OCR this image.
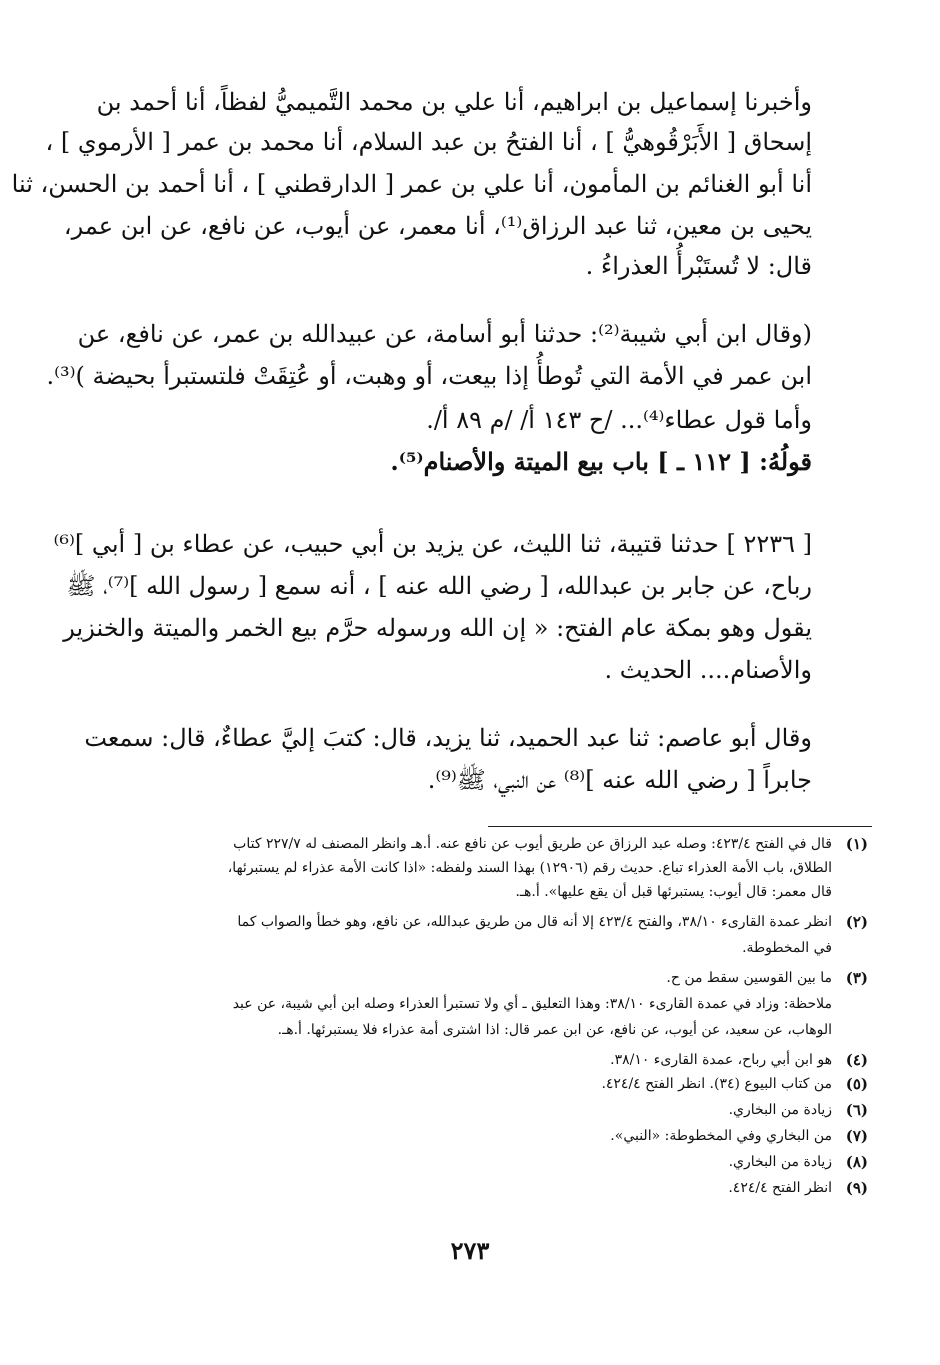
وأخبرنا إسماعيل بن ابراهيم، أنا علي بن محمد التَّميميُّ لفظاً، أنا أحمد بن
إسحاق [ الأَبَرْقُوهيُّ ] ، أنا الفتحُ بن عبد السلام، أنا محمد بن عمر [ الأرموي ] ،
أنا أبو الغنائم بن المأمون، أنا علي بن عمر [ الدارقطني ] ، أنا أحمد بن الحسن، ثنا
يحيى بن معين، ثنا عبد الرزاق⁽¹⁾، أنا معمر، عن أيوب، عن نافع، عن ابن عمر،
قال: لا تُستَبْرأُ العذراءُ .
(وقال ابن أبي شيبة⁽²⁾: حدثنا أبو أسامة، عن عبيدالله بن عمر، عن نافع، عن
ابن عمر في الأمة التي تُوطأُ إذا بيعت، أو وهبت، أو عُتِقَتْ فلتستبرأ بحيضة )⁽³⁾.
وأما قول عطاء⁽⁴⁾... /ح ١٤٣ أ/ /م ٨٩ أ/.
قولُهُ: [ ١١٢ ـ ] باب بيع الميتة والأصنام⁽⁵⁾.
[ ٢٢٣٦ ] حدثنا قتيبة، ثنا الليث، عن يزيد بن أبي حبيب، عن عطاء بن [ أبي ]⁽⁶⁾
رباح، عن جابر بن عبدالله، [ رضي الله عنه ] ، أنه سمع [ رسول الله ]⁽⁷⁾، ﷺ
يقول وهو بمكة عام الفتح: « إن الله ورسوله حرَّم بيع الخمر والميتة والخنزير
والأصنام.... الحديث .
وقال أبو عاصم: ثنا عبد الحميد، ثنا يزيد، قال: كتبَ إليَّ عطاءٌ، قال: سمعت
جابراً [ رضي الله عنه ]⁽⁸⁾ عن النبي، ﷺ⁽⁹⁾.
قال في الفتح ٤٢٣/٤: وصله عبد الرزاق عن طريق أيوب عن نافع عنه. أ.هـ وانظر المصنف له ٢٢٧/٧ كتاب
الطلاق، باب الأمة العذراء تباع. حديث رقم (١٢٩٠٦) بهذا السند ولفظه: «اذا كانت الأمة عذراء لم يستبرئها،
قال معمر: قال أيوب: يستبرئها قبل أن يقع عليها». أ.هـ.
انظر عمدة القارىء ٣٨/١٠، والفتح ٤٢٣/٤ إلا أنه قال من طريق عبدالله، عن نافع، وهو خطأ والصواب كما
في المخطوطة.
ما بين القوسين سقط من ح.
ملاحظة: وزاد في عمدة القارىء ٣٨/١٠: وهذا التعليق ـ أي ولا تستبرأ العذراء وصله ابن أبي شيبة، عن عبد
الوهاب، عن سعيد، عن أيوب، عن نافع، عن ابن عمر قال: اذا اشترى أمة عذراء فلا يستبرئها. أ.هـ.
هو ابن أبي رباح، عمدة القارىء ٣٨/١٠.
من كتاب البيوع (٣٤). انظر الفتح ٤٢٤/٤.
زيادة من البخاري.
من البخاري وفي المخطوطة: «النبي».
زيادة من البخاري.
انظر الفتح ٤٢٤/٤.
(١)
(٢)
(٣)
(٤)
(٥)
(٦)
(٧)
(٨)
(٩)
٢٧٣
